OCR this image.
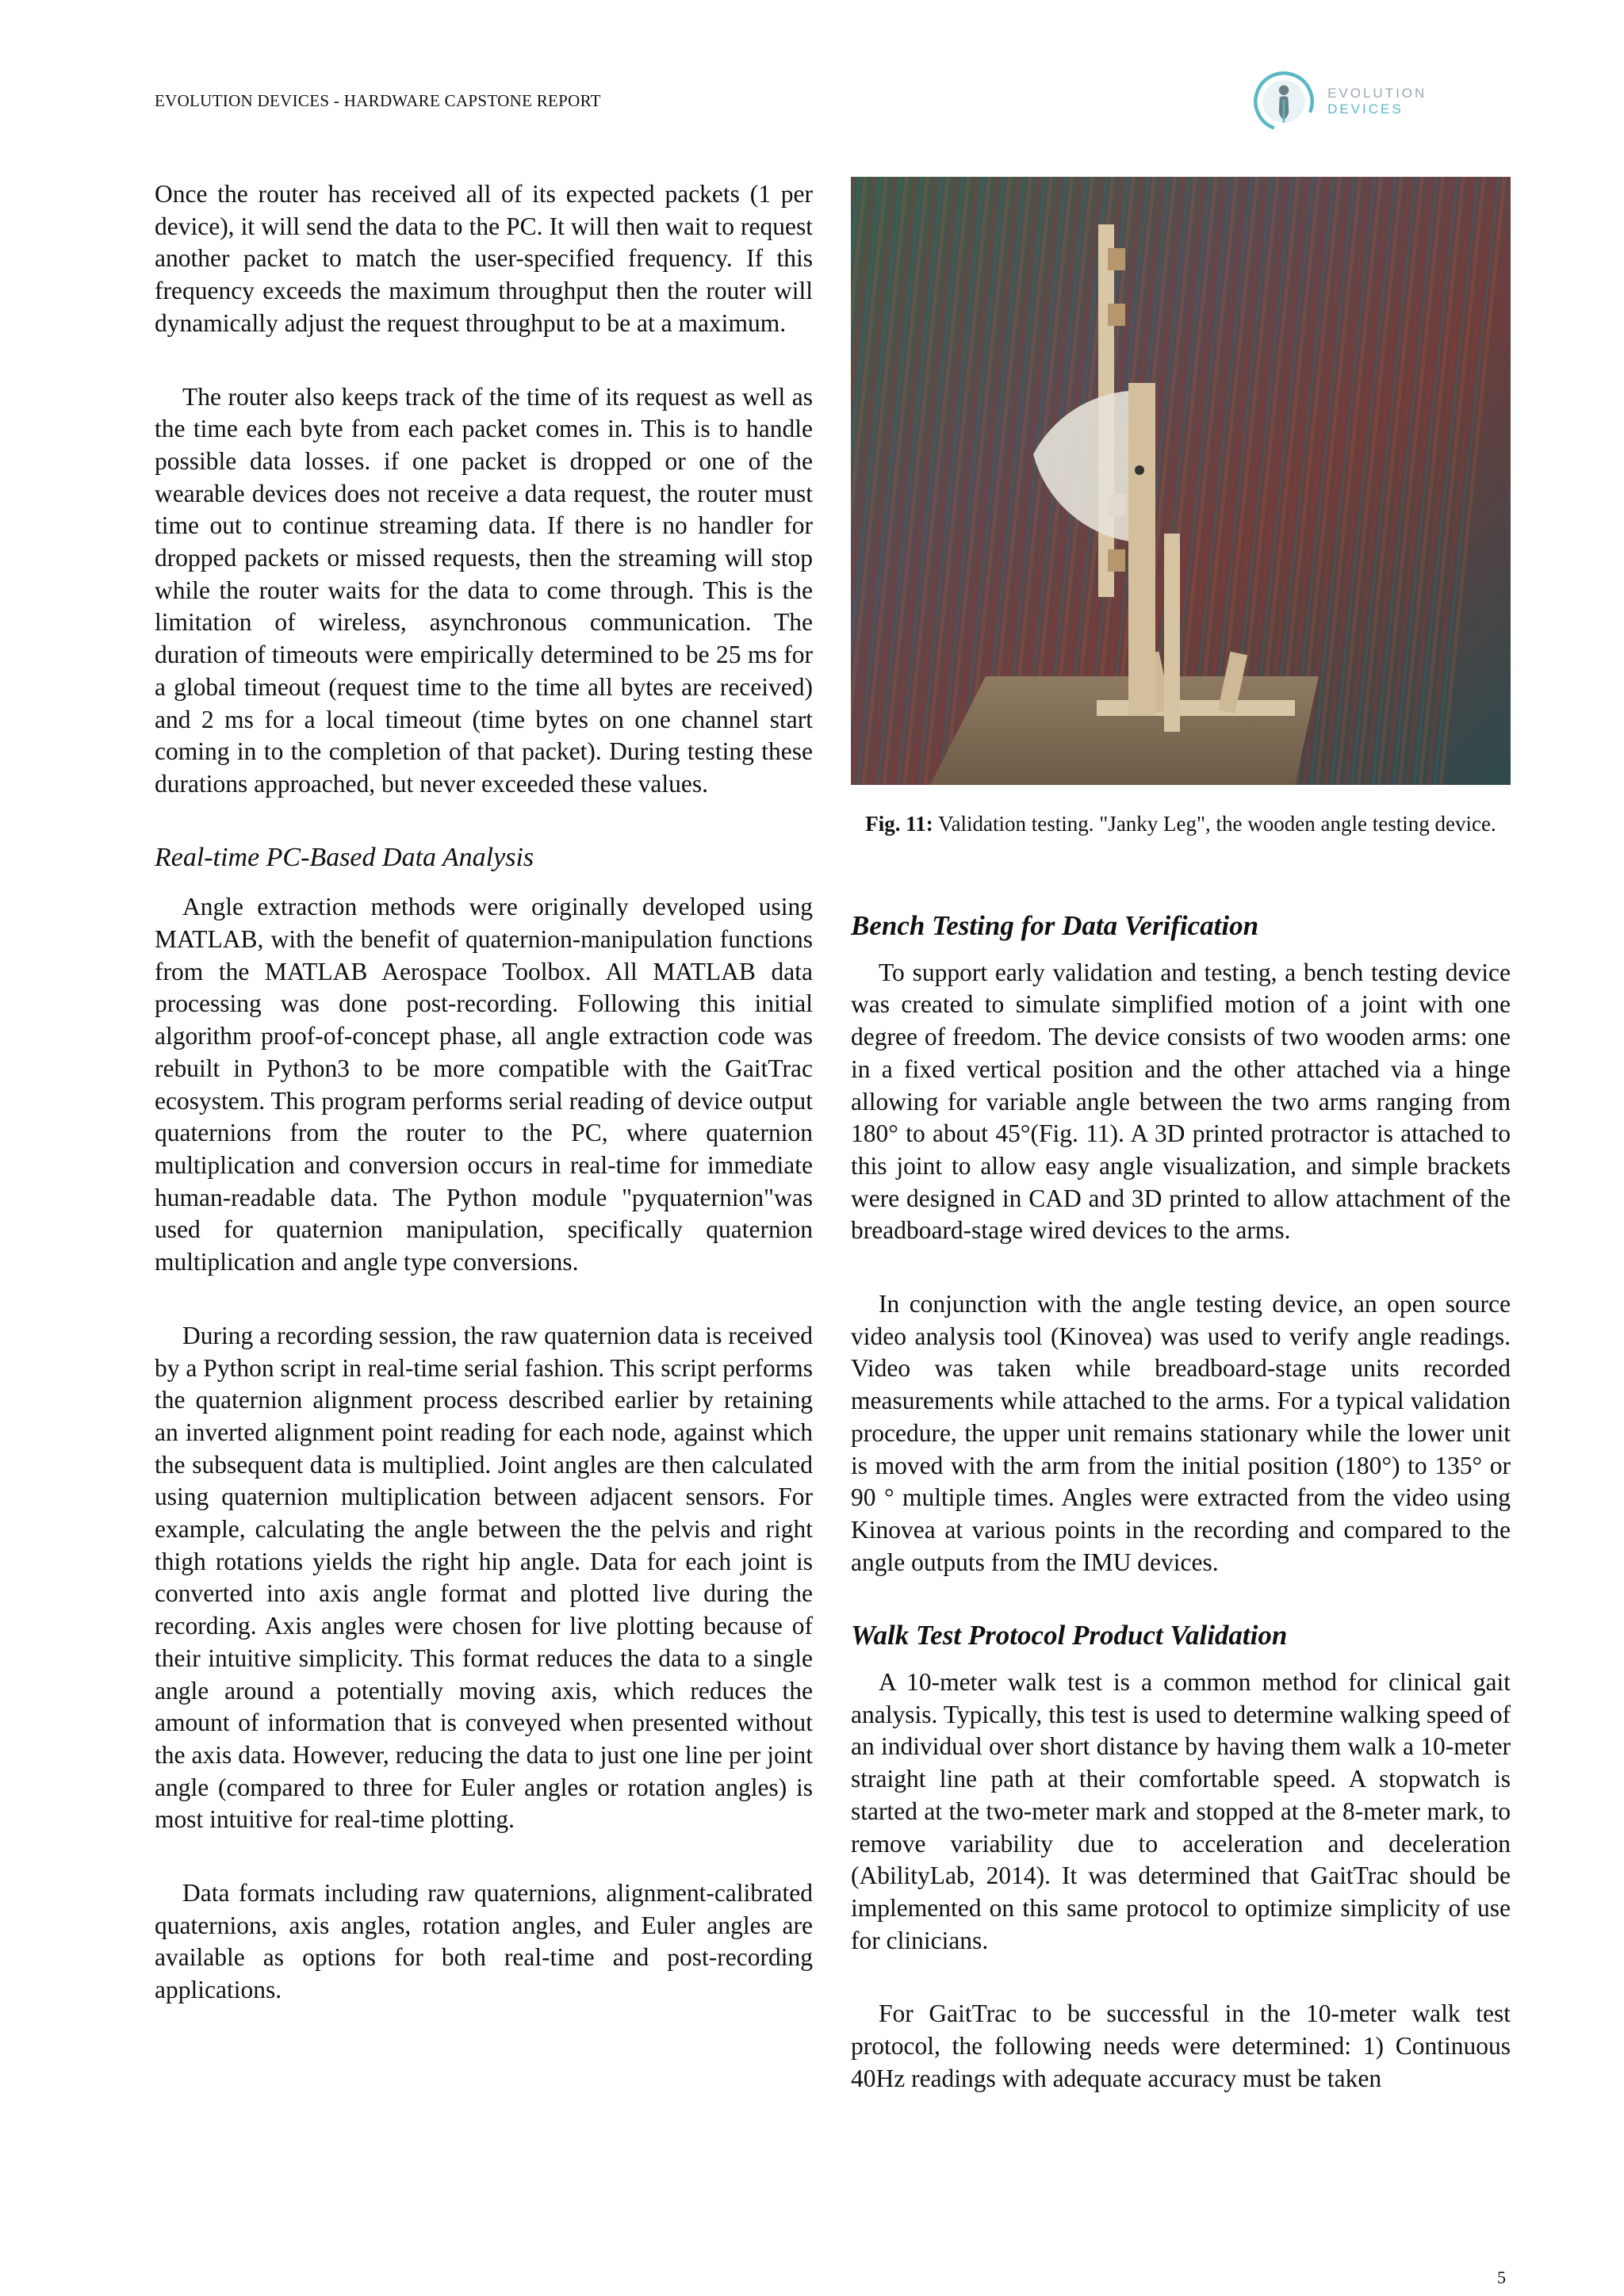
EVOLUTION DEVICES - HARDWARE CAPSTONE REPORT	EVOLUTION DEVICES

Once the router has received all of its expected packets (1 per device), it will send the data to the PC. It will then wait to request another packet to match the user-specified frequency. If this frequency exceeds the maximum throughput then the router will dynamically adjust the request throughput to be at a maximum.

The router also keeps track of the time of its request as well as the time each byte from each packet comes in. This is to handle possible data losses. if one packet is dropped or one of the wearable devices does not receive a data request, the router must time out to continue streaming data. If there is no handler for dropped packets or missed requests, then the streaming will stop while the router waits for the data to come through. This is the limitation of wireless, asynchronous communication. The duration of timeouts were empirically determined to be 25 ms for a global timeout (request time to the time all bytes are received) and 2 ms for a local timeout (time bytes on one channel start coming in to the completion of that packet). During testing these durations approached, but never exceeded these values.

Real-time PC-Based Data Analysis

Angle extraction methods were originally developed using MATLAB, with the benefit of quaternion-manipulation functions from the MATLAB Aerospace Toolbox. All MATLAB data processing was done post-recording. Following this initial algorithm proof-of-concept phase, all angle extraction code was rebuilt in Python3 to be more compatible with the GaitTrac ecosystem. This program performs serial reading of device output quaternions from the router to the PC, where quaternion multiplication and conversion occurs in real-time for immediate human-readable data. The Python module "pyquaternion"was used for quaternion manipulation, specifically quaternion multiplication and angle type conversions.

During a recording session, the raw quaternion data is received by a Python script in real-time serial fashion. This script performs the quaternion alignment process described earlier by retaining an inverted alignment point reading for each node, against which the subsequent data is multiplied. Joint angles are then calculated using quaternion multiplication between adjacent sensors. For example, calculating the angle between the the pelvis and right thigh rotations yields the right hip angle. Data for each joint is converted into axis angle format and plotted live during the recording. Axis angles were chosen for live plotting because of their intuitive simplicity. This format reduces the data to a single angle around a potentially moving axis, which reduces the amount of information that is conveyed when presented without the axis data. However, reducing the data to just one line per joint angle (compared to three for Euler angles or rotation angles) is most intuitive for real-time plotting.

Data formats including raw quaternions, alignment-calibrated quaternions, axis angles, rotation angles, and Euler angles are available as options for both real-time and post-recording applications.

Fig. 11: Validation testing. "Janky Leg", the wooden angle testing device.
Bench Testing for Data Verification

To support early validation and testing, a bench testing device was created to simulate simplified motion of a joint with one degree of freedom. The device consists of two wooden arms: one in a fixed vertical position and the other attached via a hinge allowing for variable angle between the two arms ranging from 180° to about 45°(Fig. 11). A 3D printed protractor is attached to this joint to allow easy angle visualization, and simple brackets were designed in CAD and 3D printed to allow attachment of the breadboard-stage wired devices to the arms.

In conjunction with the angle testing device, an open source video analysis tool (Kinovea) was used to verify angle readings. Video was taken while breadboard-stage units recorded measurements while attached to the arms. For a typical validation procedure, the upper unit remains stationary while the lower unit is moved with the arm from the initial position (180°) to 135° or 90 ° multiple times. Angles were extracted from the video using Kinovea at various points in the recording and compared to the angle outputs from the IMU devices.

Walk Test Protocol Product Validation

A 10-meter walk test is a common method for clinical gait analysis. Typically, this test is used to determine walking speed of an individual over short distance by having them walk a 10-meter straight line path at their comfortable speed. A stopwatch is started at the two-meter mark and stopped at the 8-meter mark, to remove variability due to acceleration and deceleration (AbilityLab, 2014). It was determined that GaitTrac should be implemented on this same protocol to optimize simplicity of use for clinicians.

For GaitTrac to be successful in the 10-meter walk test protocol, the following needs were determined: 1) Continuous 40Hz readings with adequate accuracy must be taken

5
